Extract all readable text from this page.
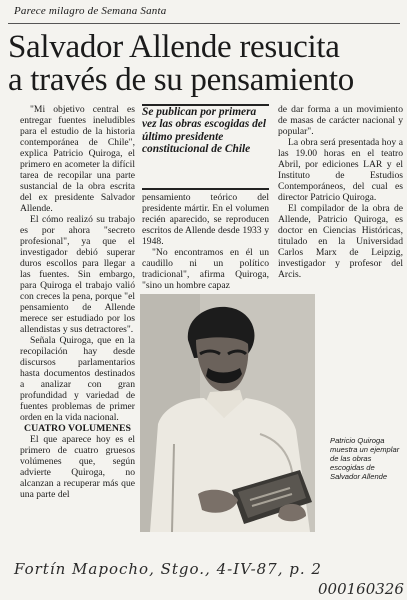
Parece milagro de Semana Santa
Salvador Allende resucita
a través de su pensamiento

"Mi objetivo central es entregar fuentes ineludibles para el estudio de la historia contemporánea de Chile", explica Patricio Quiroga, el primero en acometer la difícil tarea de recopilar una parte sustancial de la obra escrita del ex presidente Salvador Allende.

El cómo realizó su trabajo es por ahora "secreto profesional", ya que el investigador debió superar duros escollos para llegar a las fuentes. Sin embargo, para Quiroga el trabajo valió con creces la pena, porque "el pensamiento de Allende merece ser estudiado por los allendistas y sus detractores".

Señala Quiroga, que en la recopilación hay desde discursos parlamentarios hasta documentos destinados a analizar con gran profundidad y variedad de fuentes problemas de primer orden en la vida nacional.

CUATRO VOLUMENES

El que aparece hoy es el primero de cuatro gruesos volúmenes que, según advierte Quiroga, no alcanzan a recuperar más que una parte del

Se publican por primera vez las obras escogidas del último presidente constitucional de Chile

pensamiento teórico del presidente mártir. En el volumen recién aparecido, se reproducen escritos de Allende desde 1933 y 1948.

"No encontramos en él un caudillo ni un político tradicional", afirma Quiroga, "sino un hombre capaz

de dar forma a un movimiento de masas de carácter nacional y popular".

La obra será presentada hoy a las 19.00 horas en el teatro Abril, por ediciones LAR y el Instituto de Estudios Contemporáneos, del cual es director Patricio Quiroga.

El compilador de la obra de Allende, Patricio Quiroga, es doctor en Ciencias Históricas, titulado en la Universidad Carlos Marx de Leipzig, investigador y profesor del Arcis.

Patricio Quiroga muestra un ejemplar de las obras escogidas de Salvador Allende
Fortín Mapocho, Stgo., 4-IV-87, p. 2
000160326
